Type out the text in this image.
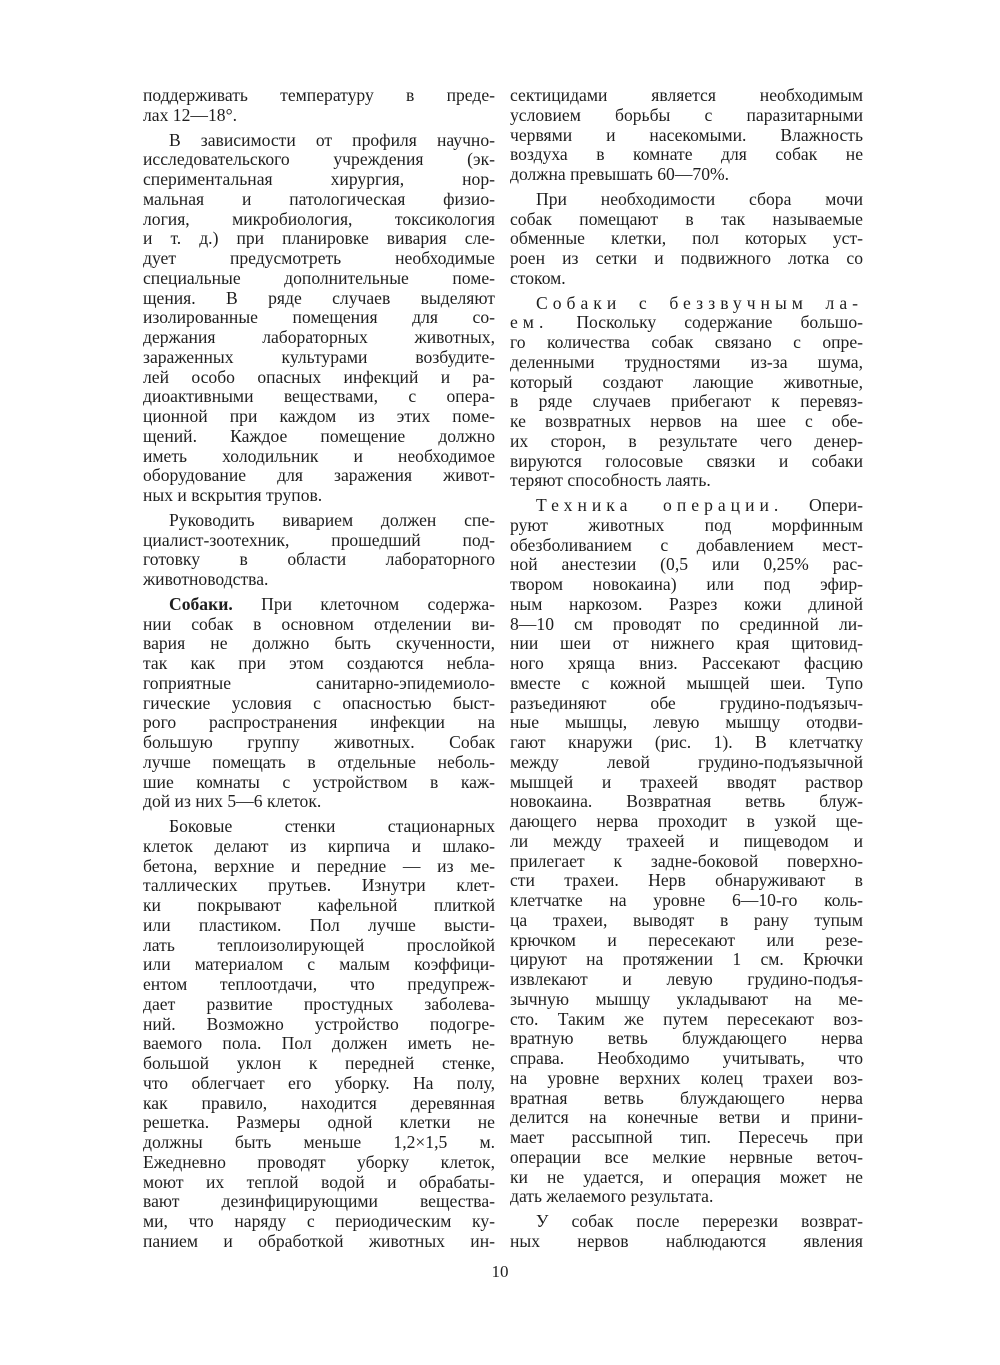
поддерживать температуру в преде-
лах 12—18°.
В зависимости от профиля научно-
исследовательского учреждения (эк-
спериментальная хирургия, нор-
мальная и патологическая физио-
логия, микробиология, токсикология
и т. д.) при планировке вивария сле-
дует предусмотреть необходимые
специальные дополнительные поме-
щения. В ряде случаев выделяют
изолированные помещения для со-
держания лабораторных животных,
зараженных культурами возбудите-
лей особо опасных инфекций и ра-
диоактивными веществами, с опера-
ционной при каждом из этих поме-
щений. Каждое помещение должно
иметь холодильник и необходимое
оборудование для заражения живот-
ных и вскрытия трупов.
Руководить виварием должен спе-
циалист-зоотехник, прошедший под-
готовку в области лабораторного
животноводства.
Собаки. При клеточном содержа-
нии собак в основном отделении ви-
вария не должно быть скученности,
так как при этом создаются небла-
гоприятные санитарно-эпидемиоло-
гические условия с опасностью быст-
рого распространения инфекции на
большую группу животных. Собак
лучше помещать в отдельные неболь-
шие комнаты с устройством в каж-
дой из них 5—6 клеток.
Боковые стенки стационарных
клеток делают из кирпича и шлако-
бетона, верхние и передние — из ме-
таллических прутьев. Изнутри клет-
ки покрывают кафельной плиткой
или пластиком. Пол лучше высти-
лать теплоизолирующей прослойкой
или материалом с малым коэффици-
ентом теплоотдачи, что предупреж-
дает развитие простудных заболева-
ний. Возможно устройство подогре-
ваемого пола. Пол должен иметь не-
большой уклон к передней стенке,
что облегчает его уборку. На полу,
как правило, находится деревянная
решетка. Размеры одной клетки не
должны быть меньше 1,2×1,5 м.
Ежедневно проводят уборку клеток,
моют их теплой водой и обрабаты-
вают дезинфицирующими вещества-
ми, что наряду с периодическим ку-
панием и обработкой животных ин-
сектицидами является необходимым
условием борьбы с паразитарными
червями и насекомыми. Влажность
воздуха в комнате для собак не
должна превышать 60—70%.
При необходимости сбора мочи
собак помещают в так называемые
обменные клетки, пол которых уст-
роен из сетки и подвижного лотка со
стоком.
Собаки с беззвучным ла-
ем. Поскольку содержание большо-
го количества собак связано с опре-
деленными трудностями из-за шума,
который создают лающие животные,
в ряде случаев прибегают к перевяз-
ке возвратных нервов на шее с обе-
их сторон, в результате чего денер-
вируются голосовые связки и собаки
теряют способность лаять.
Техника операции. Опери-
руют животных под морфинным
обезболиванием с добавлением мест-
ной анестезии (0,5 или 0,25% рас-
твором новокаина) или под эфир-
ным наркозом. Разрез кожи длиной
8—10 см проводят по срединной ли-
нии шеи от нижнего края щитовид-
ного хряща вниз. Рассекают фасцию
вместе с кожной мышцей шеи. Тупо
разъединяют обе грудино-подъязыч-
ные мышцы, левую мышцу отодви-
гают кнаружи (рис. 1). В клетчатку
между левой грудино-подъязычной
мышцей и трахеей вводят раствор
новокаина. Возвратная ветвь блуж-
дающего нерва проходит в узкой ще-
ли между трахеей и пищеводом и
прилегает к задне-боковой поверхно-
сти трахеи. Нерв обнаруживают в
клетчатке на уровне 6—10-го коль-
ца трахеи, выводят в рану тупым
крючком и пересекают или резе-
цируют на протяжении 1 см. Крючки
извлекают и левую грудино-подъя-
зычную мышцу укладывают на ме-
сто. Таким же путем пересекают воз-
вратную ветвь блуждающего нерва
справа. Необходимо учитывать, что
на уровне верхних колец трахеи воз-
вратная ветвь блуждающего нерва
делится на конечные ветви и прини-
мает рассыпной тип. Пересечь при
операции все мелкие нервные веточ-
ки не удается, и операция может не
дать желаемого результата.
У собак после перерезки возврат-
ных нервов наблюдаются явления
10
